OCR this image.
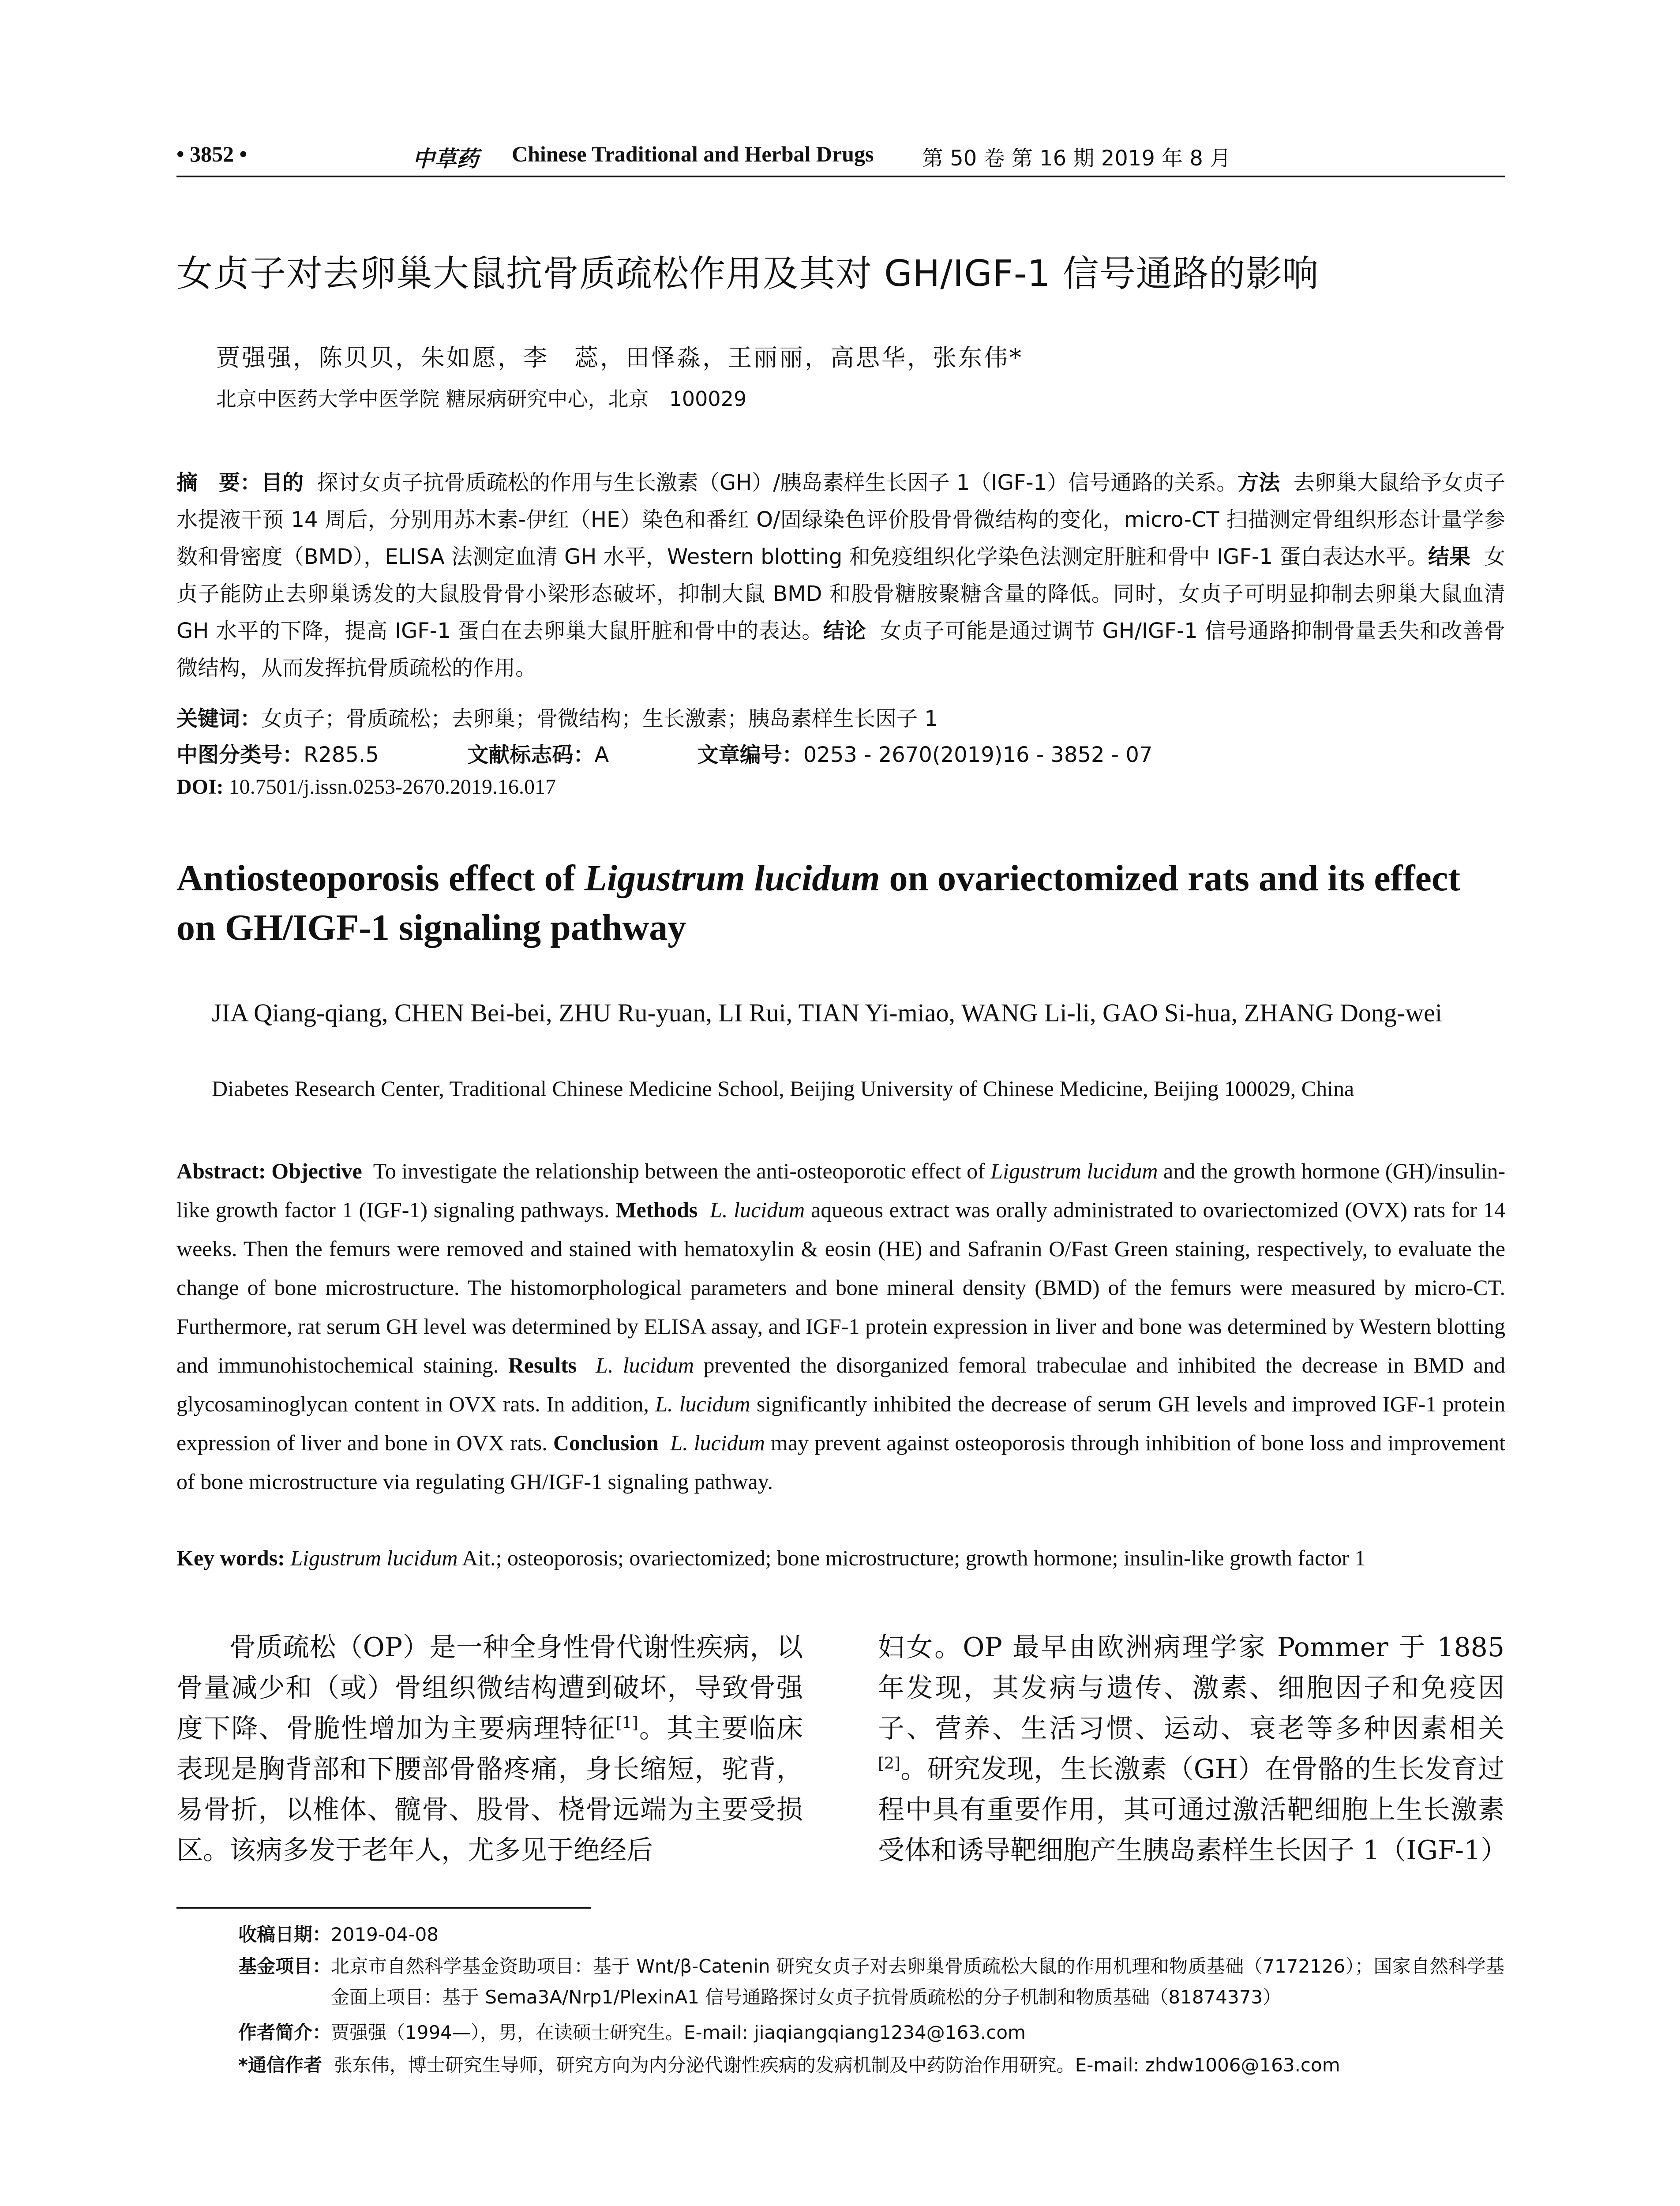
• 3852 •	中草药 Chinese Traditional and Herbal Drugs 第 50 卷 第 16 期 2019 年 8 月
女贞子对去卵巢大鼠抗骨质疏松作用及其对 GH/IGF-1 信号通路的影响
贾强强，陈贝贝，朱如愿，李　蕊，田怿淼，王丽丽，高思华，张东伟*
北京中医药大学中医学院 糖尿病研究中心，北京　100029
摘　要：目的 探讨女贞子抗骨质疏松的作用与生长激素（GH）/胰岛素样生长因子 1（IGF-1）信号通路的关系。方法 去卵巢大鼠给予女贞子水提液干预 14 周后，分别用苏木素-伊红（HE）染色和番红 O/固绿染色评价股骨骨微结构的变化，micro-CT 扫描测定骨组织形态计量学参数和骨密度（BMD），ELISA 法测定血清 GH 水平，Western blotting 和免疫组织化学染色法测定肝脏和骨中 IGF-1 蛋白表达水平。结果 女贞子能防止去卵巢诱发的大鼠股骨骨小梁形态破坏，抑制大鼠 BMD 和股骨糖胺聚糖含量的降低。同时，女贞子可明显抑制去卵巢大鼠血清 GH 水平的下降，提高 IGF-1 蛋白在去卵巢大鼠肝脏和骨中的表达。结论 女贞子可能是通过调节 GH/IGF-1 信号通路抑制骨量丢失和改善骨微结构，从而发挥抗骨质疏松的作用。
关键词：女贞子；骨质疏松；去卵巢；骨微结构；生长激素；胰岛素样生长因子 1
中图分类号：R285.5	文献标志码：A	文章编号：0253 - 2670(2019)16 - 3852 - 07
DOI: 10.7501/j.issn.0253-2670.2019.16.017
Antiosteoporosis effect of Ligustrum lucidum on ovariectomized rats and its effect on GH/IGF-1 signaling pathway
JIA Qiang-qiang, CHEN Bei-bei, ZHU Ru-yuan, LI Rui, TIAN Yi-miao, WANG Li-li, GAO Si-hua, ZHANG Dong-wei
Diabetes Research Center, Traditional Chinese Medicine School, Beijing University of Chinese Medicine, Beijing 100029, China
Abstract: Objective To investigate the relationship between the anti-osteoporotic effect of Ligustrum lucidum and the growth hormone (GH)/insulin-like growth factor 1 (IGF-1) signaling pathways. Methods L. lucidum aqueous extract was orally administrated to ovariectomized (OVX) rats for 14 weeks. Then the femurs were removed and stained with hematoxylin & eosin (HE) and Safranin O/Fast Green staining, respectively, to evaluate the change of bone microstructure. The histomorphological parameters and bone mineral density (BMD) of the femurs were measured by micro-CT. Furthermore, rat serum GH level was determined by ELISA assay, and IGF-1 protein expression in liver and bone was determined by Western blotting and immunohistochemical staining. Results L. lucidum prevented the disorganized femoral trabeculae and inhibited the decrease in BMD and glycosaminoglycan content in OVX rats. In addition, L. lucidum significantly inhibited the decrease of serum GH levels and improved IGF-1 protein expression of liver and bone in OVX rats. Conclusion L. lucidum may prevent against osteoporosis through inhibition of bone loss and improvement of bone microstructure via regulating GH/IGF-1 signaling pathway.
Key words: Ligustrum lucidum Ait.; osteoporosis; ovariectomized; bone microstructure; growth hormone; insulin-like growth factor 1
骨质疏松（OP）是一种全身性骨代谢性疾病，以骨量减少和（或）骨组织微结构遭到破坏，导致骨强度下降、骨脆性增加为主要病理特征[1]。其主要临床表现是胸背部和下腰部骨骼疼痛，身长缩短，驼背，易骨折，以椎体、髋骨、股骨、桡骨远端为主要受损区。该病多发于老年人，尤多见于绝经后
妇女。OP 最早由欧洲病理学家 Pommer 于 1885 年发现，其发病与遗传、激素、细胞因子和免疫因子、营养、生活习惯、运动、衰老等多种因素相关[2]。研究发现，生长激素（GH）在骨骼的生长发育过程中具有重要作用，其可通过激活靶细胞上生长激素受体和诱导靶细胞产生胰岛素样生长因子 1（IGF-1）
收稿日期：2019-04-08
基金项目： 北京市自然科学基金资助项目：基于 Wnt/β-Catenin 研究女贞子对去卵巢骨质疏松大鼠的作用机理和物质基础（7172126）；国家自然科学基金面上项目：基于 Sema3A/Nrp1/PlexinA1 信号通路探讨女贞子抗骨质疏松的分子机制和物质基础（81874373）
作者简介：贾强强（1994—），男，在读硕士研究生。E-mail: jiaqiangqiang1234@163.com
*通信作者 张东伟，博士研究生导师，研究方向为内分泌代谢性疾病的发病机制及中药防治作用研究。E-mail: zhdw1006@163.com
